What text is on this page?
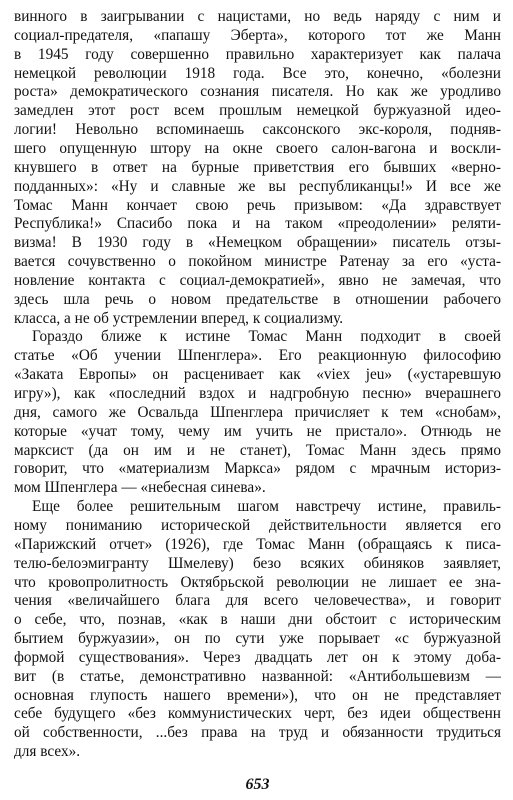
винного в заигрывании с нацистами, но ведь наряду с ним и
социал-предателя, «папашу Эберта», которого тот же Манн
в 1945 году совершенно правильно характеризует как палача
немецкой революции 1918 года. Все это, конечно, «болезни
роста» демократического сознания писателя. Но как же уродливо
замедлен этот рост всем прошлым немецкой буржуазной идео-
логии! Невольно вспоминаешь саксонского экс-короля, подняв-
шего опущенную штору на окне своего салон-вагона и воскли-
кнувшего в ответ на бурные приветствия его бывших «верно-
подданных»: «Ну и славные же вы республиканцы!» И все же
Томас Манн кончает свою речь призывом: «Да здравствует
Республика!» Спасибо пока и на таком «преодолении» реляти-
визма! В 1930 году в «Немецком обращении» писатель отзы-
вается сочувственно о покойном министре Ратенау за его «уста-
новление контакта с социал-демократией», явно не замечая, что
здесь шла речь о новом предательстве в отношении рабочего
класса, а не об устремлении вперед, к социализму.
Гораздо ближе к истине Томас Манн подходит в своей
статье «Об учении Шпенглера». Его реакционную философию
«Заката Европы» он расценивает как «viex jeu» («устаревшую
игру»), как «последний вздох и надгробную песню» вчерашнего
дня, самого же Освальда Шпенглера причисляет к тем «снобам»,
которые «учат тому, чему им учить не пристало». Отнюдь не
марксист (да он им и не станет), Томас Манн здесь прямо
говорит, что «материализм Маркса» рядом с мрачным историз-
мом Шпенглера — «небесная синева».
Еще более решительным шагом навстречу истине, правиль-
ному пониманию исторической действительности является его
«Парижский отчет» (1926), где Томас Манн (обращаясь к писа-
телю-белоэмигранту Шмелеву) безо всяких обиняков заявляет,
что кровопролитность Октябрьской революции не лишает ее зна-
чения «величайшего блага для всего человечества», и говорит
о себе, что, познав, «как в наши дни обстоит с историческим
бытием буржуазии», он по сути уже порывает «с буржуазной
формой существования». Через двадцать лет он к этому доба-
вит (в статье, демонстративно названной: «Антибольшевизм —
основная глупость нашего времени»), что он не представляет
себе будущего «без коммунистических черт, без идеи общественн
ой собственности, ...без права на труд и обязанности трудиться
для всех».
653
